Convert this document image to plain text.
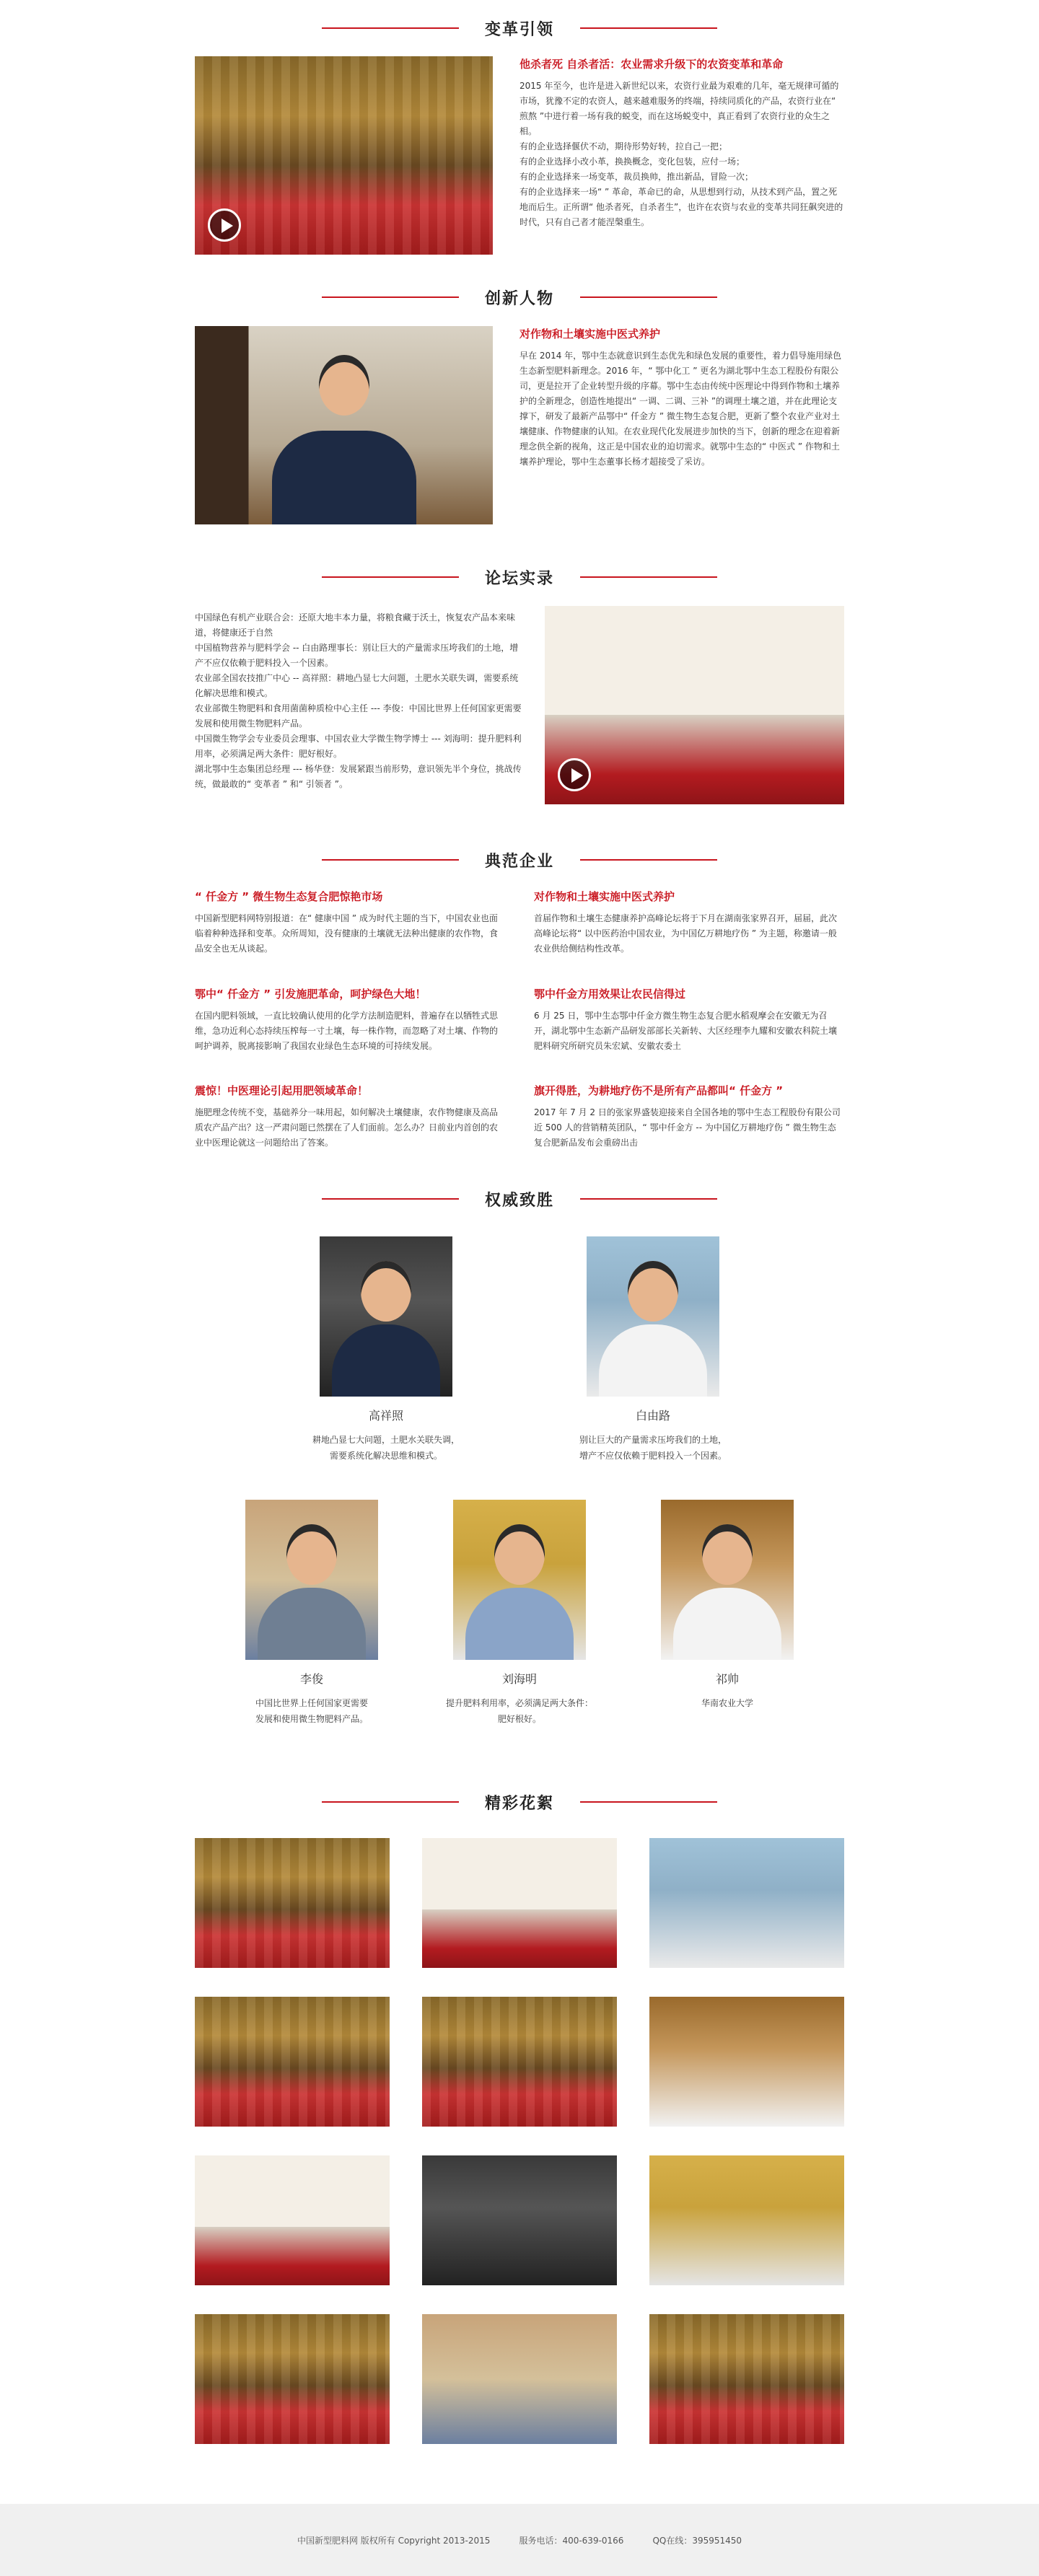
变革引领
他杀者死 自杀者活：农业需求升级下的农资变革和革命

2015 年至今，也许是进入新世纪以来，农资行业最为艰难的几年，毫无规律可循的市场，犹豫不定的农资人，越来越难服务的终端，持续同质化的产品，农资行业在“ 煎熬 ”中进行着一场有我的蜕变，而在这场蜕变中，真正看到了农资行业的众生之相。
有的企业选择偃伏不动，期待形势好转，拉自己一把；
有的企业选择小改小革，换换概念，变化包装，应付一场；
有的企业选择来一场变革，裁员换帅，推出新品，冒险一次；
有的企业选择来一场“ ” 革命，革命已的命，从思想到行动，从技术到产品，置之死地而后生。正所谓“ 他杀者死，自杀者生”，也许在农资与农业的变革共同狂飙突进的时代，只有自己者才能涅槃重生。

创新人物
对作物和土壤实施中医式养护

早在 2014 年，鄂中生态就意识到生态优先和绿色发展的重要性，着力倡导施用绿色生态新型肥料新理念。2016 年，“ 鄂中化工 ” 更名为湖北鄂中生态工程股份有限公司，更是拉开了企业转型升级的序幕。鄂中生态由传统中医理论中得到作物和土壤养护的全新理念，创造性地提出“ 一调、二调、三补 ”的调理土壤之道，并在此理论支撑下，研发了最新产品鄂中“ 仟金方 ” 微生物生态复合肥，更新了整个农业产业对土壤健康、作物健康的认知。在农业现代化发展进步加快的当下，创新的理念在迎着新理念供全新的视角，这正是中国农业的迫切需求。就鄂中生态的“ 中医式 ” 作物和土壤养护理论，鄂中生态董事长杨才超接受了采访。

论坛实录

中国绿色有机产业联合会：还原大地丰本力量，将粮食藏于沃土，恢复农产品本来味道，将健康还于自然
中国植物营养与肥料学会 -- 白由路理事长：别让巨大的产量需求压垮我们的土地，增产不应仅依赖于肥料投入一个因素。
农业部全国农技推广中心 -- 高祥照：耕地凸显七大问题，土肥水关联失调，需要系统化解决思维和模式。
农业部微生物肥料和食用菌菌种质检中心主任 --- 李俊：中国比世界上任何国家更需要发展和使用微生物肥料产品。
中国微生物学会专业委员会理事、中国农业大学微生物学博士 --- 刘海明：提升肥料利用率，必须满足两大条件：肥好根好。
湖北鄂中生态集团总经理 --- 杨华登：发展紧跟当前形势，意识领先半个身位，挑战传统，做最敢的“ 变革者 ” 和“ 引领者 ”。

典范企业
“ 仟金方 ” 微生物生态复合肥惊艳市场

中国新型肥料网特别报道：在“ 健康中国 ” 成为时代主题的当下，中国农业也面临着种种选择和变革。众所周知，没有健康的土壤就无法种出健康的农作物，食品安全也无从谈起。

对作物和土壤实施中医式养护

首届作物和土壤生态健康养护高峰论坛将于下月在湖南张家界召开，届届，此次高峰论坛将“ 以中医药治中国农业，为中国亿万耕地疗伤 ” 为主题，称邀请一般农业供给侧结构性改革。

鄂中“ 仟金方 ” 引发施肥革命，呵护绿色大地！

在国内肥料领域，一直比较确认使用的化学方法制造肥料，普遍存在以牺牲式思维，急功近利心态持续压榨每一寸土壤，每一株作物，而忽略了对土壤、作物的呵护调养，脱离接影响了我国农业绿色生态环境的可持续发展。

鄂中仟金方用效果让农民信得过

6 月 25 日，鄂中生态鄂中仟金方微生物生态复合肥水稻观摩会在安徽无为召开，湖北鄂中生态新产品研发部部长关新转、大区经理李九耀和安徽农科院土壤肥料研究所研究员朱宏斌、安徽农委土

震惊！中医理论引起用肥领域革命！

施肥理念传统不变，基础养分一味用起，如何解决土壤健康，农作物健康及高品质农产品产出？这一严肃问题已然摆在了人们面前。怎么办？日前业内首创的农业中医理论就这一问题给出了答案。

旗开得胜，为耕地疗伤不是所有产品都叫“ 仟金方 ”

2017 年 7 月 2 日的张家界盛装迎接来自全国各地的鄂中生态工程股份有限公司近 500 人的营销精英团队，“ 鄂中仟金方 -- 为中国亿万耕地疗伤 ” 微生物生态复合肥新品发布会重磅出击

权威致胜
高祥照
耕地凸显七大问题，土肥水关联失调，
需要系统化解决思维和模式。
白由路
别让巨大的产量需求压垮我们的土地，
增产不应仅依赖于肥料投入一个因素。
李俊
中国比世界上任何国家更需要
发展和使用微生物肥料产品。
刘海明
提升肥料利用率，必须满足两大条件：
肥好根好。
祁帅
华南农业大学
精彩花絮
中国新型肥料网 版权所有 Copyright 2013-2015	服务电话：400-639-0166	QQ在线：395951450
